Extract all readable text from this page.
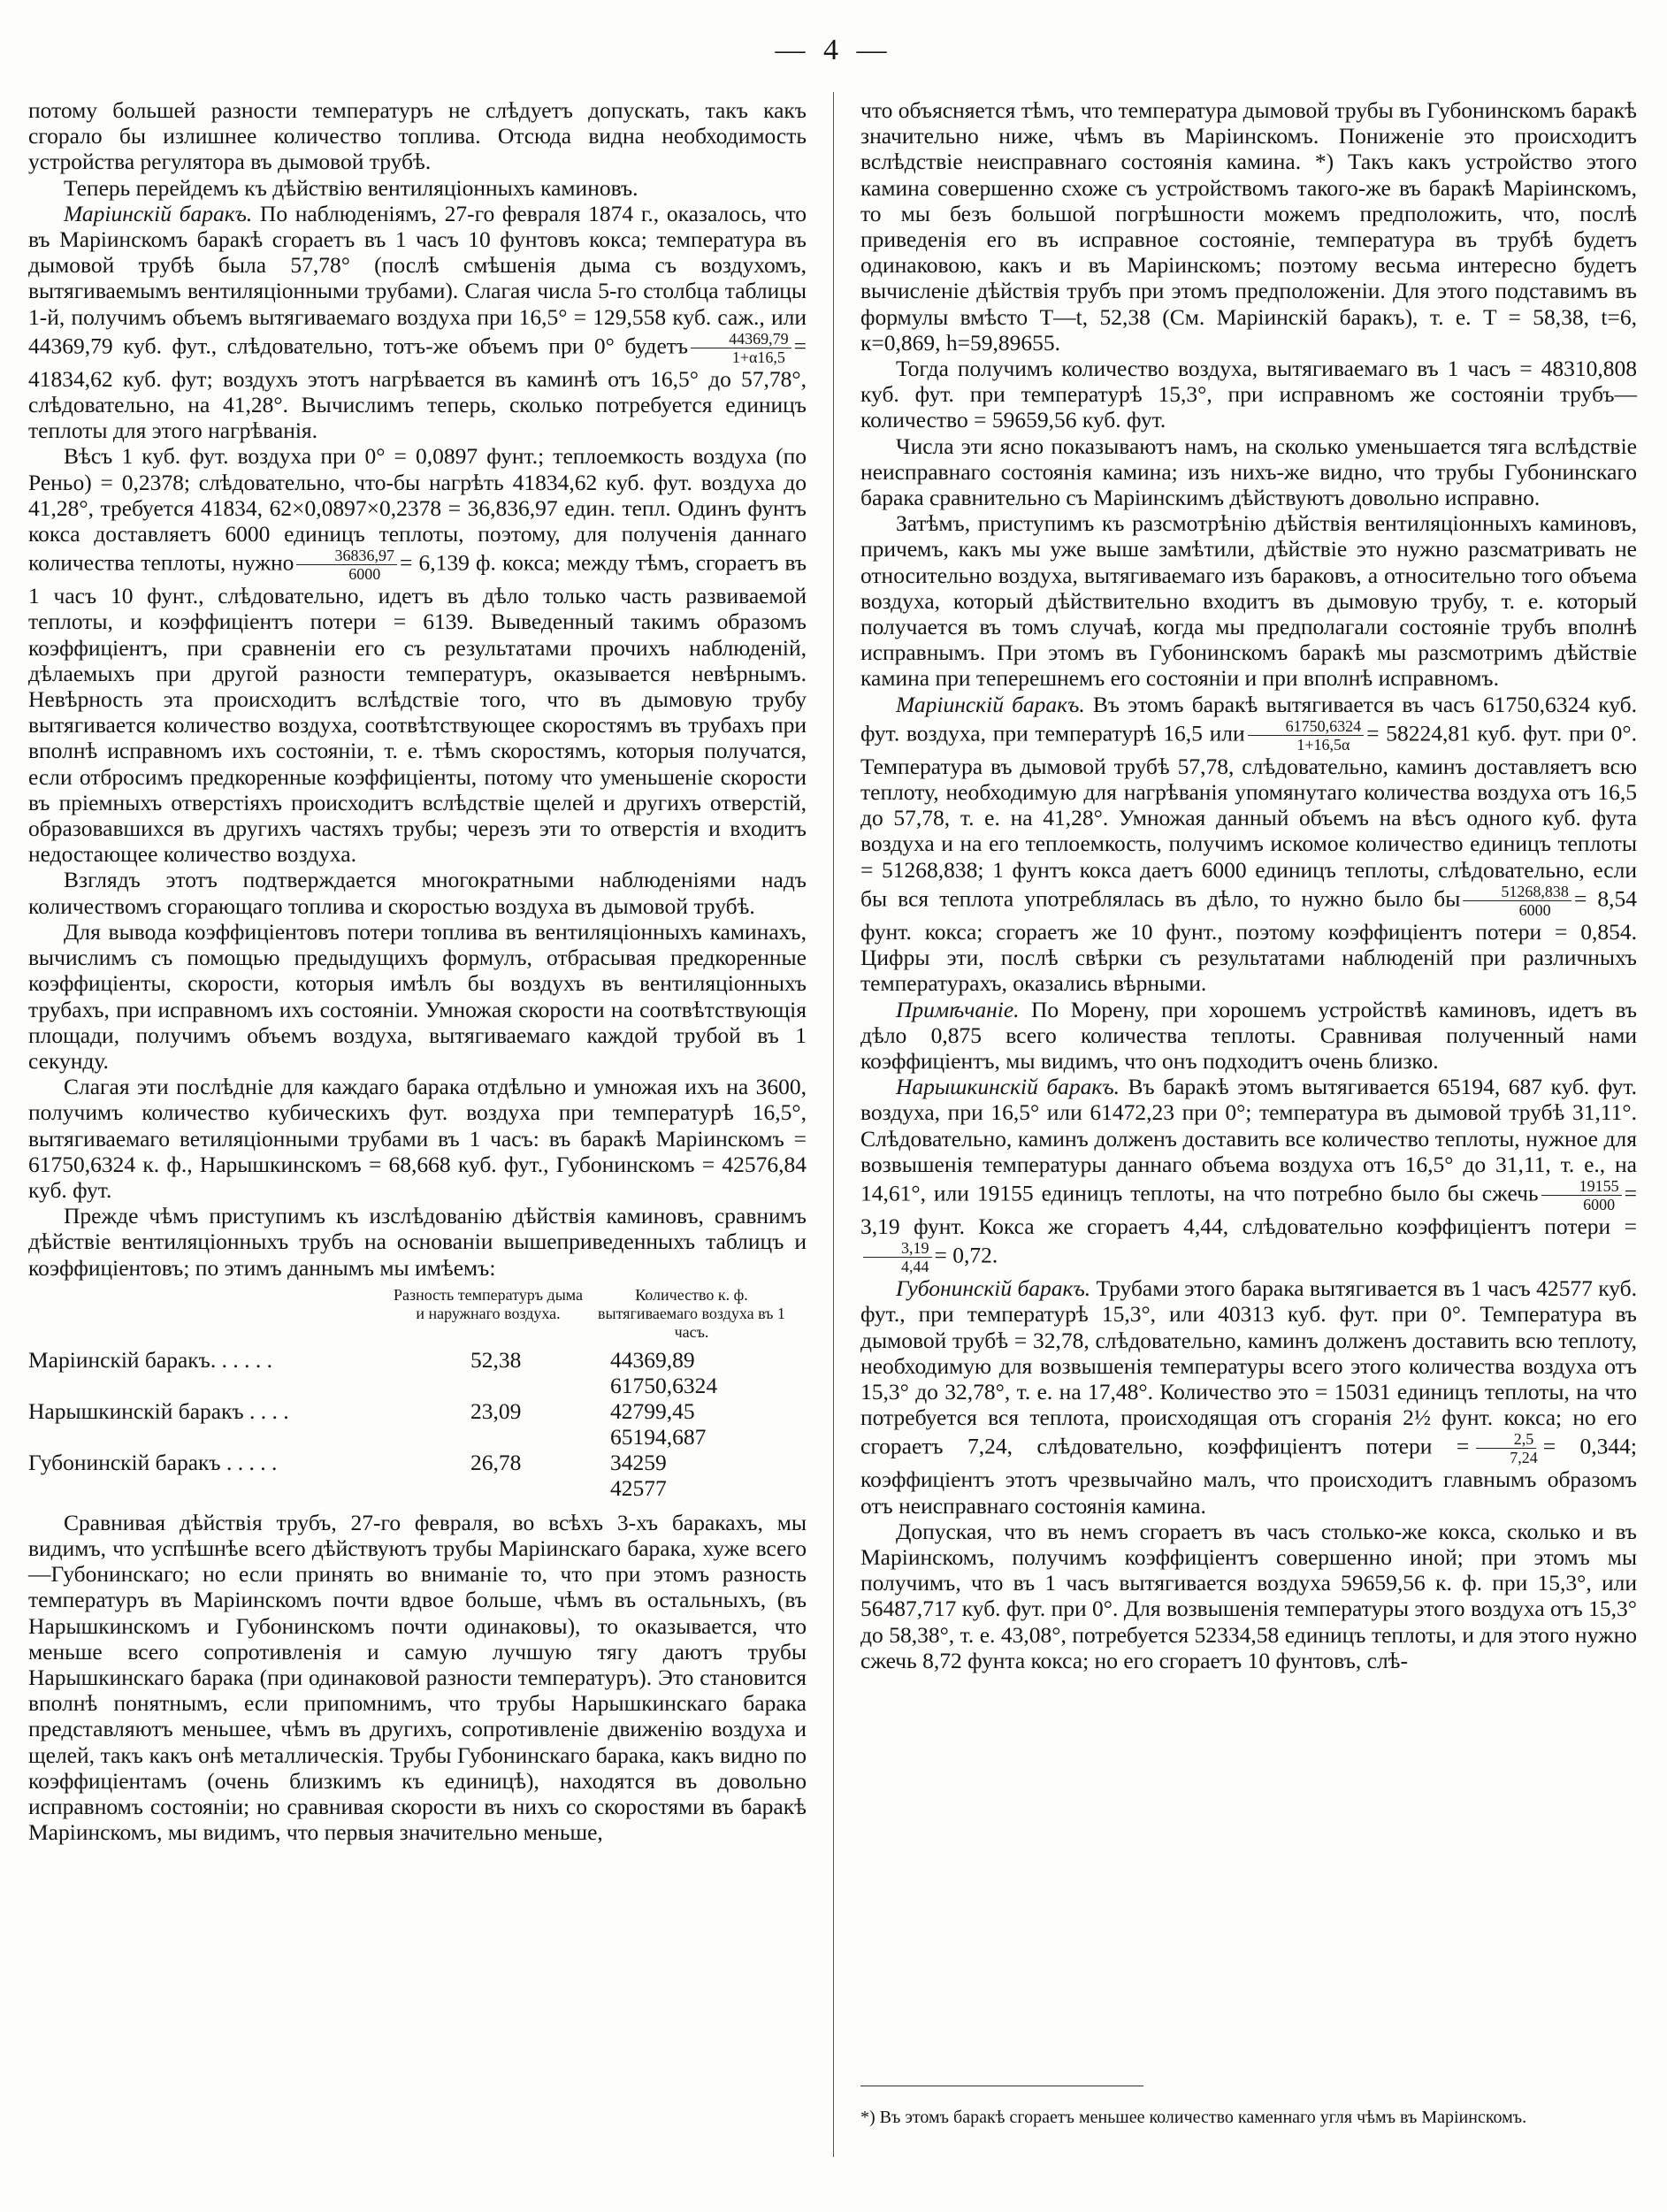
— 4 —

потому большей разности температуръ не слѣдуетъ допускать, такъ какъ сгорало бы излишнее количество топлива. Отсюда видна необходимость устройства регулятора въ дымовой трубѣ.

Теперь перейдемъ къ дѣйствію вентиляціонныхъ каминовъ.

Маріинскій баракъ. По наблюденіямъ, 27-го февраля 1874 г., оказалось, что въ Маріинскомъ баракѣ сгораетъ въ 1 часъ 10 фунтовъ кокса; температура въ дымовой трубѣ была 57,78° (послѣ смѣшенія дыма съ воздухомъ, вытягиваемымъ вентиляціонными трубами). Слагая числа 5-го столбца таблицы 1-й, получимъ объемъ вытягиваемаго воздуха при 16,5° = 129,558 куб. саж., или 44369,79 куб. фут., слѣдовательно, тотъ-же объемъ при 0° будетъ $\frac{44369,79}{1+\alpha 16,5} = 41834,62$ куб. фут; воздухъ этотъ нагрѣвается въ каминѣ отъ 16,5° до 57,78°, слѣдовательно, на 41,28°. Вычислимъ теперь, сколько потребуется единицъ теплоты для этого нагрѣванія.

Вѣсъ 1 куб. фут. воздуха при 0° = 0,0897 фунт.; теплоемкость воздуха (по Реньо) = 0,2378; слѣдовательно, что-бы нагрѣть 41834,62 куб. фут. воздуха до 41,28°, требуется 41834, 62×0,0897×0,2378 = 36,836,97 един. тепл. Одинъ фунтъ кокса доставляетъ 6000 единицъ теплоты, поэтому, для полученія даннаго количества теплоты, нужно $\frac{36836,97}{6000} = 6,139$ ф. кокса; между тѣмъ, сгораетъ въ 1 часъ 10 фунт., слѣдовательно, идетъ въ дѣло только часть развиваемой теплоты, и коэффиціентъ потери = 6139. Выведенный такимъ образомъ коэффиціентъ, при сравненіи его съ результатами прочихъ наблюденій, дѣлаемыхъ при другой разности температуръ, оказывается невѣрнымъ. Невѣрность эта происходитъ вслѣдствіе того, что въ дымовую трубу вытягивается количество воздуха, соотвѣтствующее скоростямъ въ трубахъ при вполнѣ исправномъ ихъ состояніи, т. е. тѣмъ скоростямъ, которыя получатся, если отбросимъ предкоренные коэффиціенты, потому что уменьшеніе скорости въ пріемныхъ отверстіяхъ происходитъ вслѣдствіе щелей и другихъ отверстій, образовавшихся въ другихъ частяхъ трубы; черезъ эти то отверстія и входитъ недостающее количество воздуха.

Взглядъ этотъ подтверждается многократными наблюденіями надъ количествомъ сгорающаго топлива и скоростью воздуха въ дымовой трубѣ.

Для вывода коэффиціентовъ потери топлива въ вентиляціонныхъ каминахъ, вычислимъ съ помощью предыдущихъ формулъ, отбрасывая предкоренные коэффиціенты, скорости, которыя имѣлъ бы воздухъ въ вентиляціонныхъ трубахъ, при исправномъ ихъ состояніи. Умножая скорости на соотвѣтствующія площади, получимъ объемъ воздуха, вытягиваемаго каждой трубой въ 1 секунду.

Слагая эти послѣдніе для каждаго барака отдѣльно и умножая ихъ на 3600, получимъ количество кубическихъ фут. воздуха при температурѣ 16,5°, вытягиваемаго ветиляціонными трубами въ 1 часъ: въ баракѣ Маріинскомъ = 61750,6324 к. ф., Нарышкинскомъ = 68,668 куб. фут., Губонинскомъ = 42576,84 куб. фут.

Прежде чѣмъ приступимъ къ изслѣдованію дѣйствія каминовъ, сравнимъ дѣйствіе вентиляціонныхъ трубъ на основаніи вышеприведенныхъ таблицъ и коэффиціентовъ; по этимъ даннымъ мы имѣемъ:

Разность температуръ дыма и наружнаго воздуха.
Количество к. ф. вытягиваемаго воздуха въ 1 часъ.
Маріинскій баракъ. . . . . .	52,38	44369,89
61750,6324
Нарышкинскій баракъ . . . .	23,09	42799,45
65194,687
Губонинскій баракъ . . . . .	26,78	34259
42577

Сравнивая дѣйствія трубъ, 27-го февраля, во всѣхъ 3-хъ баракахъ, мы видимъ, что успѣшнѣе всего дѣйствуютъ трубы Маріинскаго барака, хуже всего—Губонинскаго; но если принять во вниманіе то, что при этомъ разность температуръ въ Маріинскомъ почти вдвое больше, чѣмъ въ остальныхъ, (въ Нарышкинскомъ и Губонинскомъ почти одинаковы), то оказывается, что меньше всего сопротивленія и самую лучшую тягу даютъ трубы Нарышкинскаго барака (при одинаковой разности температуръ). Это становится вполнѣ понятнымъ, если припомнимъ, что трубы Нарышкинскаго барака представляютъ меньшее, чѣмъ въ другихъ, сопротивленіе движенію воздуха и щелей, такъ какъ онѣ металлическія. Трубы Губонинскаго барака, какъ видно по коэффиціентамъ (очень близкимъ къ единицѣ), находятся въ довольно исправномъ состояніи; но сравнивая скорости въ нихъ со скоростями въ баракѣ Маріинскомъ, мы видимъ, что первыя значительно меньше,

что объясняется тѣмъ, что температура дымовой трубы въ Губонинскомъ баракѣ значительно ниже, чѣмъ въ Маріинскомъ. Пониженіе это происходитъ вслѣдствіе неисправнаго состоянія камина. *) Такъ какъ устройство этого камина совершенно схоже съ устройствомъ такого-же въ баракѣ Маріинскомъ, то мы безъ большой погрѣшности можемъ предположить, что, послѣ приведенія его въ исправное состояніе, температура въ трубѣ будетъ одинаковою, какъ и въ Маріинскомъ; поэтому весьма интересно будетъ вычисленіе дѣйствія трубъ при этомъ предположеніи. Для этого подставимъ въ формулы вмѣсто T—t, 52,38 (См. Маріинскій баракъ), т. е. T = 58,38, t=6, к=0,869, h=59,89655.

Тогда получимъ количество воздуха, вытягиваемаго въ 1 часъ = 48310,808 куб. фут. при температурѣ 15,3°, при исправномъ же состояніи трубъ—количество = 59659,56 куб. фут.

Числа эти ясно показываютъ намъ, на сколько уменьшается тяга вслѣдствіе неисправнаго состоянія камина; изъ нихъ-же видно, что трубы Губонинскаго барака сравнительно съ Маріинскимъ дѣйствуютъ довольно исправно.

Затѣмъ, приступимъ къ разсмотрѣнію дѣйствія вентиляціонныхъ каминовъ, причемъ, какъ мы уже выше замѣтили, дѣйствіе это нужно разсматривать не относительно воздуха, вытягиваемаго изъ бараковъ, а относительно того объема воздуха, который дѣйствительно входитъ въ дымовую трубу, т. е. который получается въ томъ случаѣ, когда мы предполагали состояніе трубъ вполнѣ исправнымъ. При этомъ въ Губонинскомъ баракѣ мы разсмотримъ дѣйствіе камина при теперешнемъ его состояніи и при вполнѣ исправномъ.

Маріинскій баракъ. Въ этомъ баракѣ вытягивается въ часъ 61750,6324 куб. фут. воздуха, при температурѣ 16,5 или $\frac{61750,6324}{1+16,5\alpha} = 58224,81$ куб. фут. при 0°. Температура въ дымовой трубѣ 57,78, слѣдовательно, каминъ доставляетъ всю теплоту, необходимую для нагрѣванія упомянутаго количества воздуха отъ 16,5 до 57,78, т. е. на 41,28°. Умножая данный объемъ на вѣсъ одного куб. фута воздуха и на его теплоемкость, получимъ искомое количество единицъ теплоты = 51268,838; 1 фунтъ кокса даетъ 6000 единицъ теплоты, слѣдовательно, если бы вся теплота употреблялась въ дѣло, то нужно было бы $\frac{51268,838}{6000} = 8,54$ фунт. кокса; сгораетъ же 10 фунт., поэтому коэффиціентъ потери = 0,854. Цифры эти, послѣ свѣрки съ результатами наблюденій при различныхъ температурахъ, оказались вѣрными.

Примѣчаніе. По Морену, при хорошемъ устройствѣ каминовъ, идетъ въ дѣло 0,875 всего количества теплоты. Сравнивая полученный нами коэффиціентъ, мы видимъ, что онъ подходитъ очень близко.

Нарышкинскій баракъ. Въ баракѣ этомъ вытягивается 65194, 687 куб. фут. воздуха, при 16,5° или 61472,23 при 0°; температура въ дымовой трубѣ 31,11°. Слѣдовательно, каминъ долженъ доставить все количество теплоты, нужное для возвышенія температуры даннаго объема воздуха отъ 16,5° до 31,11, т. е., на 14,61°, или 19155 единицъ теплоты, на что потребно было бы сжечь $\frac{19155}{6000} = 3,19$ фунт. Кокса же сгораетъ 4,44, слѣдовательно коэффиціентъ потери =
$\frac{3,19}{4,44} = 0,72$.

Губонинскій баракъ. Трубами этого барака вытягивается въ 1 часъ 42577 куб. фут., при температурѣ 15,3°, или 40313 куб. фут. при 0°. Температура въ дымовой трубѣ = 32,78, слѣдовательно, каминъ долженъ доставить всю теплоту, необходимую для возвышенія температуры всего этого количества воздуха отъ 15,3° до 32,78°, т. е. на 17,48°. Количество это = 15031 единицъ теплоты, на что потребуется вся теплота, происходящая отъ сгоранія 2½ фунт. кокса; но его сгораетъ 7,24, слѣдовательно, коэффиціентъ потери = $\frac{2,5}{7,24} = 0,344$; коэффиціентъ этотъ чрезвычайно малъ, что происходитъ главнымъ образомъ отъ неисправнаго состоянія камина.

Допуская, что въ немъ сгораетъ въ часъ столько-же кокса, сколько и въ Маріинскомъ, получимъ коэффиціентъ совершенно иной; при этомъ мы получимъ, что въ 1 часъ вытягивается воздуха 59659,56 к. ф. при 15,3°, или 56487,717 куб. фут. при 0°. Для возвышенія температуры этого воздуха отъ 15,3° до 58,38°, т. е. 43,08°, потребуется 52334,58 единицъ теплоты, и для этого нужно сжечь 8,72 фунта кокса; но его сгораетъ 10 фунтовъ, слѣ-

*) Въ этомъ баракѣ сгораетъ меньшее количество каменнаго угля чѣмъ въ Маріинскомъ.
